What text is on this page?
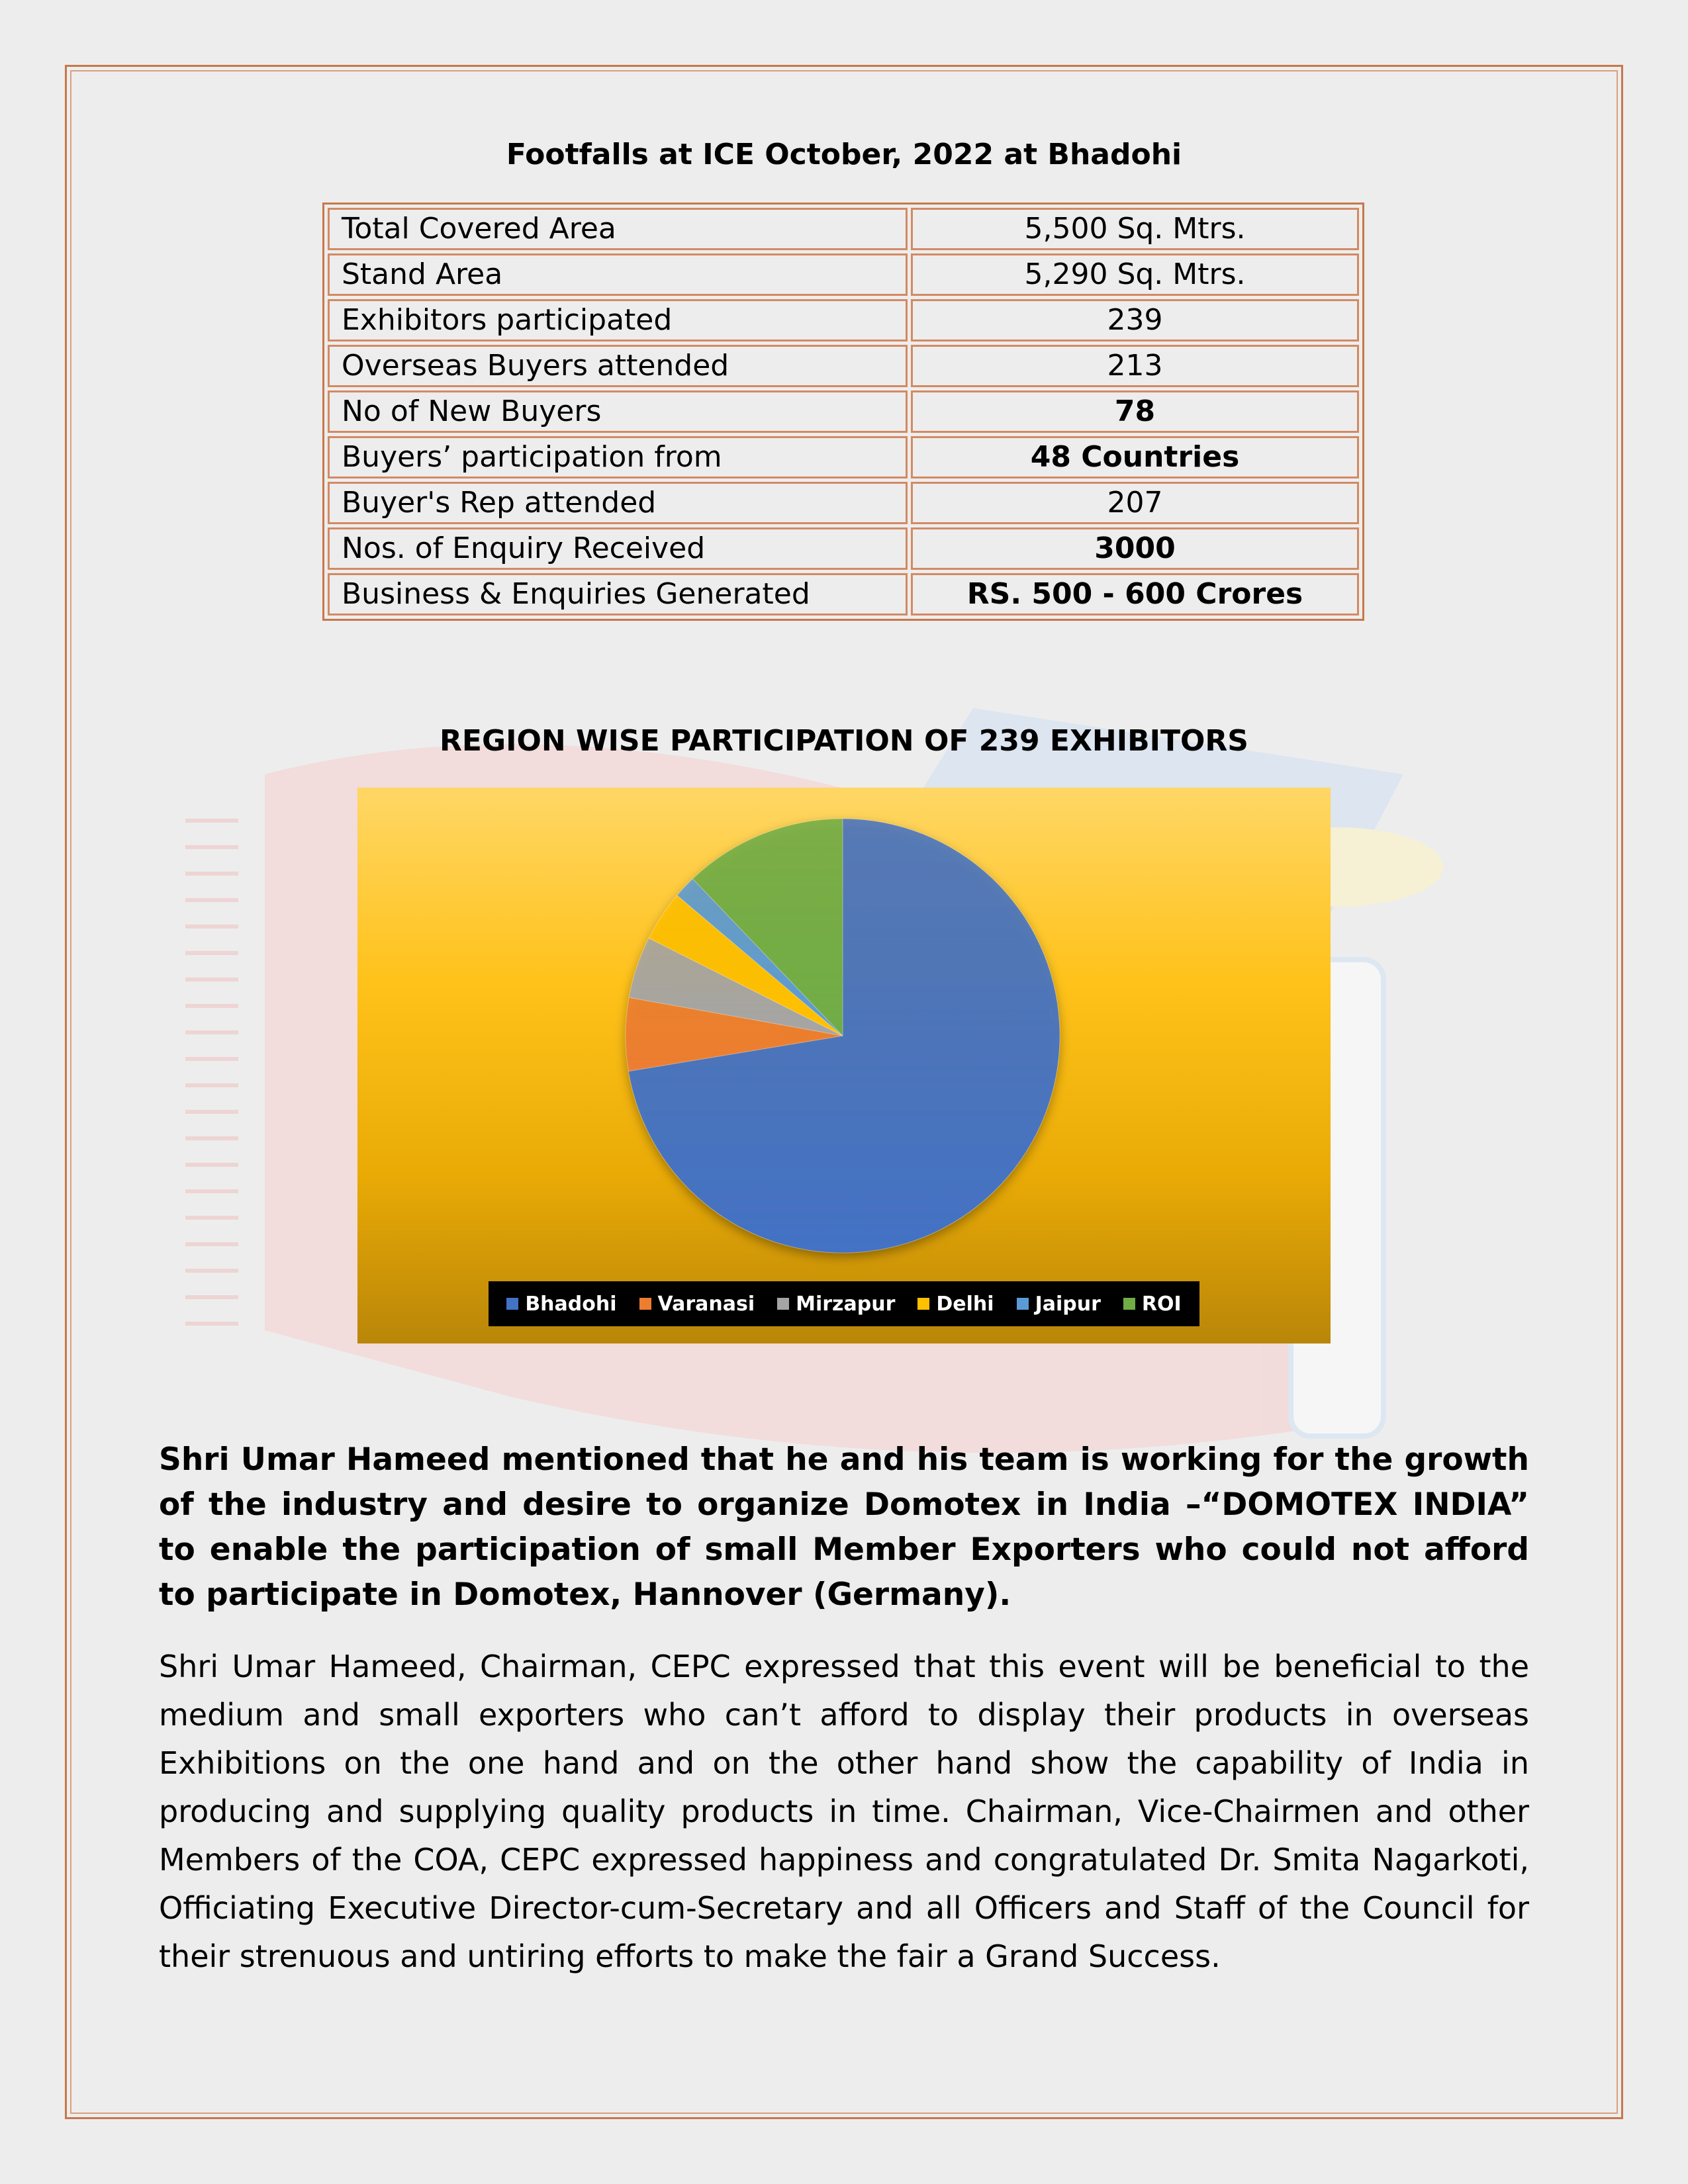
Footfalls at ICE October, 2022 at Bhadohi
Total Covered Area	5,500 Sq. Mtrs.
Stand Area	5,290 Sq. Mtrs.
Exhibitors participated	239
Overseas Buyers attended	213
No of New Buyers	78
Buyers’ participation from	48 Countries
Buyer's Rep attended	207
Nos. of Enquiry Received	3000
Business & Enquiries Generated	RS. 500 - 600 Crores
REGION WISE PARTICIPATION OF 239 EXHIBITORS
Bhadohi Varanasi Mirzapur Delhi Jaipur ROI
Shri Umar Hameed mentioned that he and his team is working for the growth of the industry and desire to organize Domotex in India –“DOMOTEX INDIA” to enable the participation of small Member Exporters who could not afford to participate in Domotex, Hannover (Germany).
Shri Umar Hameed, Chairman, CEPC expressed that this event will be beneficial to the medium and small exporters who can’t afford to display their products in overseas Exhibitions on the one hand and on the other hand show the capability of India in producing and supplying quality products in time. Chairman, Vice-Chairmen and other Members of the COA, CEPC expressed happiness and congratulated Dr. Smita Nagarkoti, Officiating Executive Director-cum-Secretary and all Officers and Staff of the Council for their strenuous and untiring efforts to make the fair a Grand Success.
